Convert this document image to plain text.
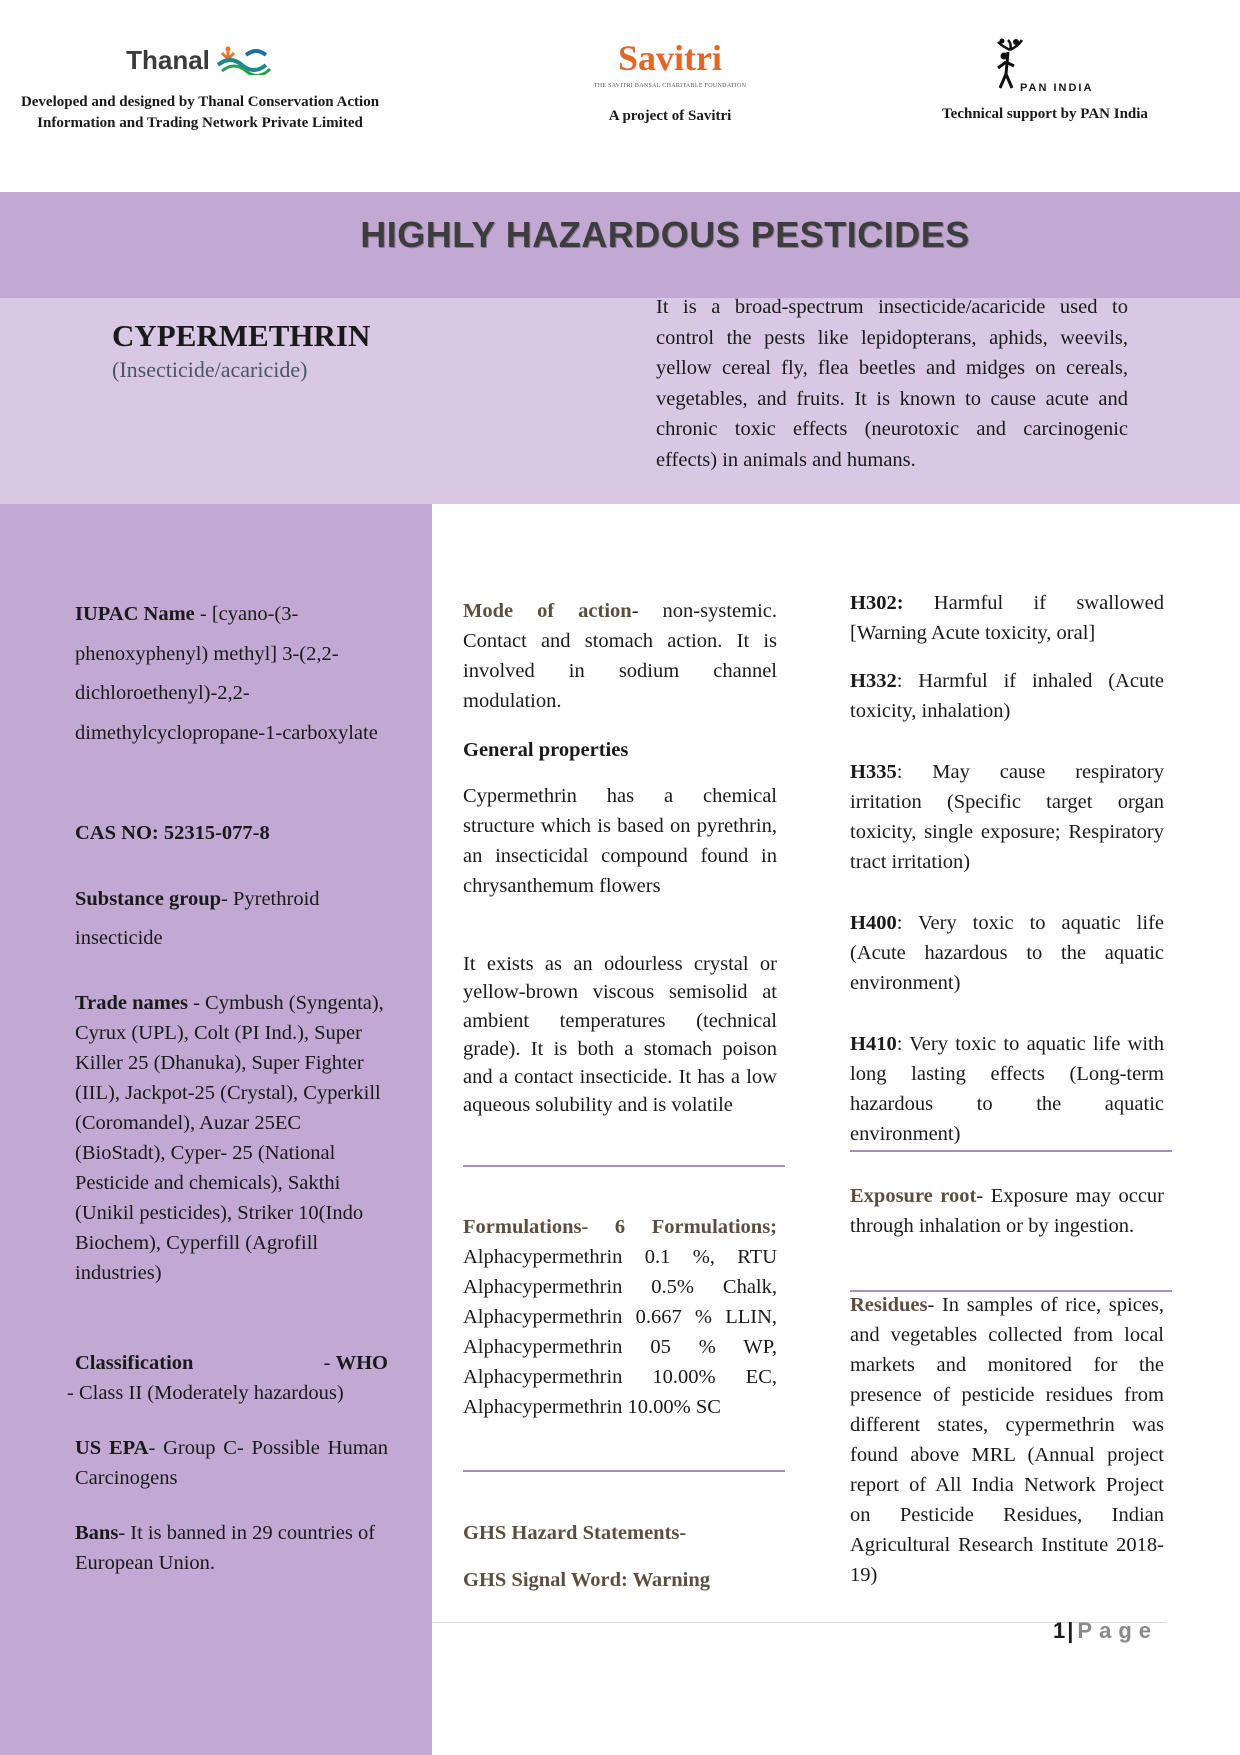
Thanal
Developed and designed by Thanal Conservation Action Information and Trading Network Private Limited
Savitri
THE SAVITRI BANSAL CHARITABLE FOUNDATION
A project of Savitri
PAN INDIA
Technical support by PAN India
HIGHLY HAZARDOUS PESTICIDES
CYPERMETHRIN
(Insecticide/acaricide)
It is a broad-spectrum insecticide/acaricide used to control the pests like lepidopterans, aphids, weevils, yellow cereal fly, flea beetles and midges on cereals, vegetables, and fruits. It is known to cause acute and chronic toxic effects (neurotoxic and carcinogenic effects) in animals and humans.

IUPAC Name - [cyano-(3-phenoxyphenyl) methyl] 3-(2,2-dichloroethenyl)-2,2-dimethylcyclopropane-1-carboxylate

CAS NO: 52315-077-8

Substance group- Pyrethroid insecticide

Trade names - Cymbush (Syngenta), Cyrux (UPL), Colt (PI Ind.), Super Killer 25 (Dhanuka), Super Fighter (IIL), Jackpot-25 (Crystal), Cyperkill (Coromandel), Auzar 25EC (BioStadt), Cyper- 25 (National Pesticide and chemicals), Sakthi (Unikil pesticides), Striker 10(Indo Biochem), Cyperfill (Agrofill industries)

Classification	- WHO
- Class II (Moderately hazardous)

US EPA- Group C- Possible Human Carcinogens

Bans- It is banned in 29 countries of European Union.

Mode of action- non-systemic. Contact and stomach action. It is involved in sodium channel modulation.

General properties

Cypermethrin has a chemical structure which is based on pyrethrin, an insecticidal compound found in chrysanthemum flowers

It exists as an odourless crystal or yellow-brown viscous semisolid at ambient temperatures (technical grade). It is both a stomach poison and a contact insecticide. It has a low aqueous solubility and is volatile

Formulations- 6 Formulations; Alphacypermethrin 0.1 %, RTU Alphacypermethrin 0.5% Chalk, Alphacypermethrin 0.667 % LLIN, Alphacypermethrin 05 % WP, Alphacypermethrin 10.00% EC, Alphacypermethrin 10.00% SC

GHS Hazard Statements-

GHS Signal Word: Warning

H302: Harmful if swallowed [Warning Acute toxicity, oral]

H332: Harmful if inhaled (Acute toxicity, inhalation)

H335: May cause respiratory irritation (Specific target organ toxicity, single exposure; Respiratory tract irritation)

H400: Very toxic to aquatic life (Acute hazardous to the aquatic environment)

H410: Very toxic to aquatic life with long lasting effects (Long-term hazardous to the aquatic environment)

Exposure root- Exposure may occur through inhalation or by ingestion.

Residues- In samples of rice, spices, and vegetables collected from local markets and monitored for the presence of pesticide residues from different states, cypermethrin was found above MRL (Annual project report of All India Network Project on Pesticide Residues, Indian Agricultural Research Institute 2018-19)

1| Page
